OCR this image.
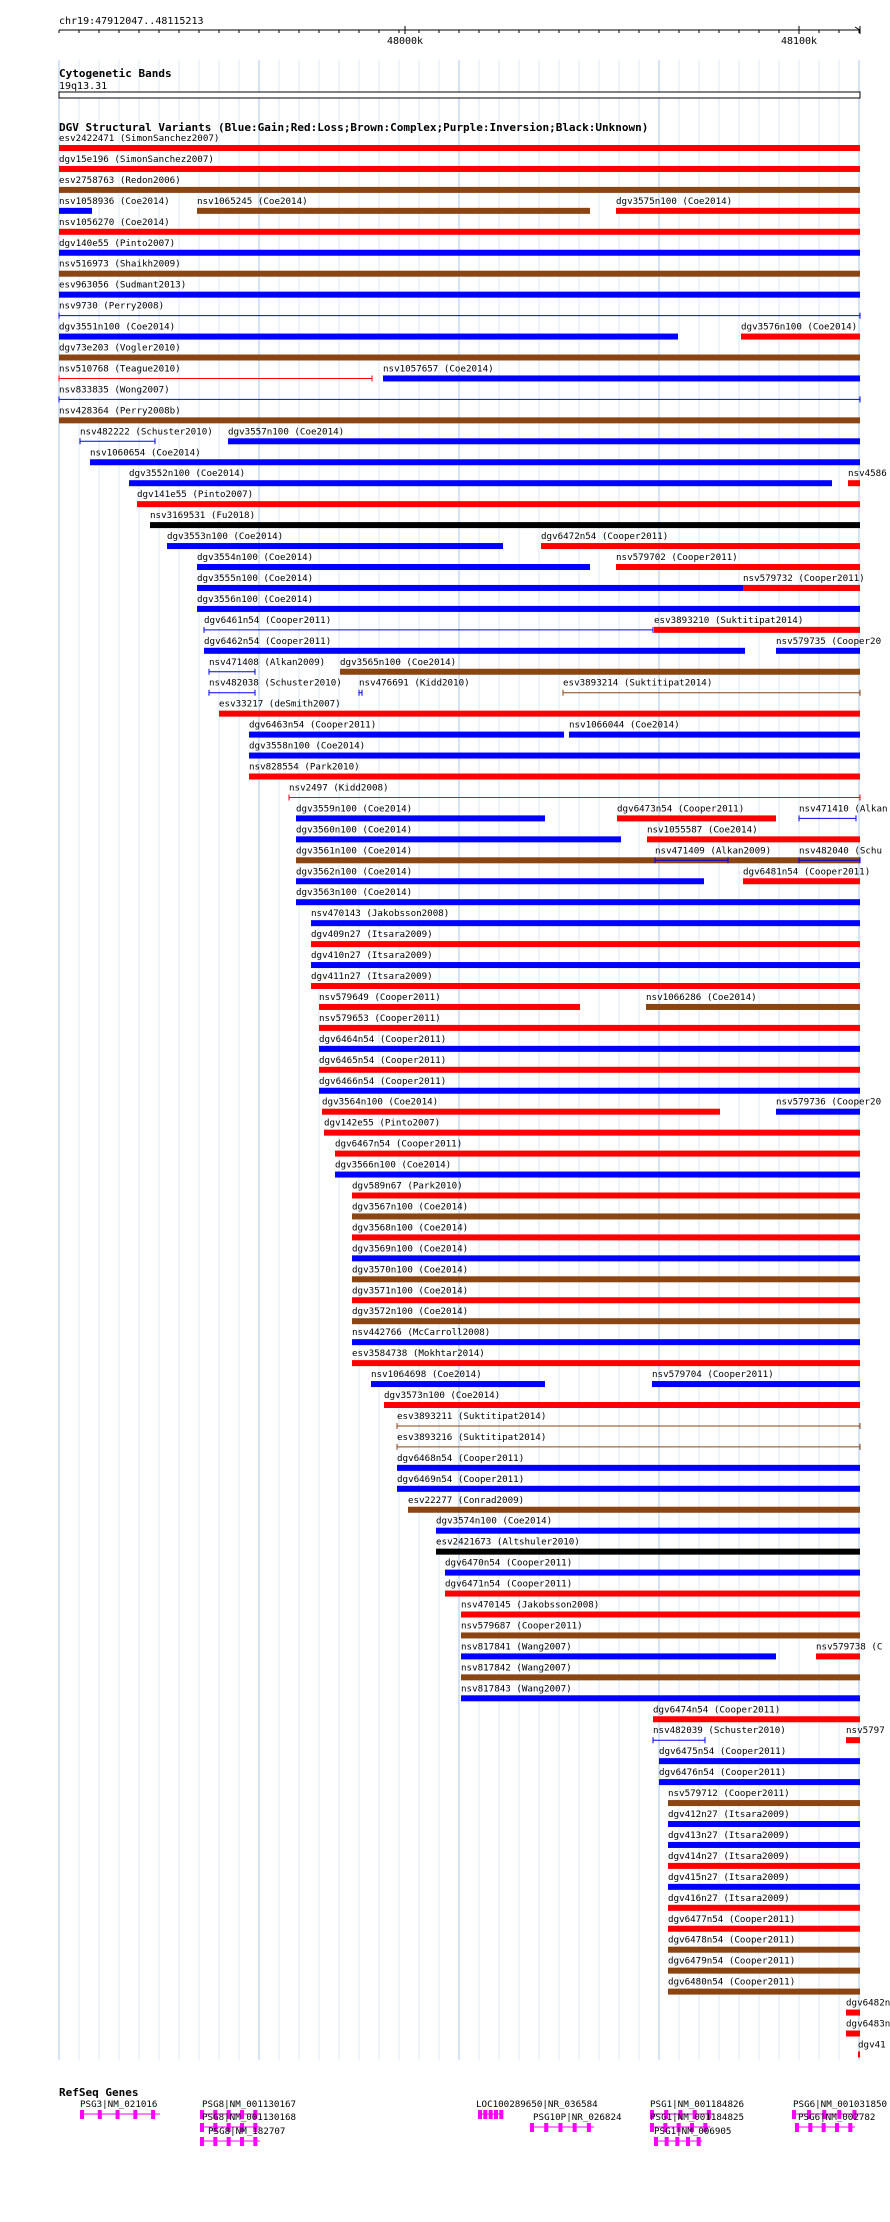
chr19:47912047..48115213
48000k	48100k
Cytogenetic Bands
19q13.31
DGV Structural Variants (Blue:Gain;Red:Loss;Brown:Complex;Purple:Inversion;Black:Unknown)
esv2422471 (SimonSanchez2007)
dgv15e196 (SimonSanchez2007)
esv2758763 (Redon2006)
nsv1058936 (Coe2014)	nsv1065245 (Coe2014)	dgv3575n100 (Coe2014)
nsv1056270 (Coe2014)
dgv140e55 (Pinto2007)
nsv516973 (Shaikh2009)
esv963056 (Sudmant2013)
nsv9730 (Perry2008)
dgv3551n100 (Coe2014)	dgv3576n100 (Coe2014)
dgv73e203 (Vogler2010)
nsv510768 (Teague2010)	nsv1057657 (Coe2014)
nsv833835 (Wong2007)
nsv428364 (Perry2008b)
nsv482222 (Schuster2010) dgv3557n100 (Coe2014)
nsv1060654 (Coe2014)
dgv3552n100 (Coe2014)	nsv4586
dgv141e55 (Pinto2007)
nsv3169531 (Fu2018)
dgv3553n100 (Coe2014)	dgv6472n54 (Cooper2011)
dgv3554n100 (Coe2014)	nsv579702 (Cooper2011)
dgv3555n100 (Coe2014)	nsv579732 (Cooper2011)
dgv3556n100 (Coe2014)
dgv6461n54 (Cooper2011)	esv3893210 (Suktitipat2014)
dgv6462n54 (Cooper2011)	nsv579735 (Cooper20
nsv471408 (Alkan2009) dgv3565n100 (Coe2014)
nsv482038 (Schuster2010) nsv476691 (Kidd2010)	esv3893214 (Suktitipat2014)
esv33217 (deSmith2007)
dgv6463n54 (Cooper2011)	nsv1066044 (Coe2014)
dgv3558n100 (Coe2014)
nsv828554 (Park2010)
nsv2497 (Kidd2008)
dgv3559n100 (Coe2014)	dgv6473n54 (Cooper2011)	nsv471410 (Alkan
dgv3560n100 (Coe2014)	nsv1055587 (Coe2014)
dgv3561n100 (Coe2014)	nsv471409 (Alkan2009)	nsv482040 (Schu
dgv3562n100 (Coe2014)	dgv6481n54 (Cooper2011)
dgv3563n100 (Coe2014)
nsv470143 (Jakobsson2008)
dgv409n27 (Itsara2009)
dgv410n27 (Itsara2009)
dgv411n27 (Itsara2009)
nsv579649 (Cooper2011)	nsv1066286 (Coe2014)
nsv579653 (Cooper2011)
dgv6464n54 (Cooper2011)
dgv6465n54 (Cooper2011)
dgv6466n54 (Cooper2011)
dgv3564n100 (Coe2014)	nsv579736 (Cooper20
dgv142e55 (Pinto2007)
dgv6467n54 (Cooper2011)
dgv3566n100 (Coe2014)
dgv589n67 (Park2010)
dgv3567n100 (Coe2014)
dgv3568n100 (Coe2014)
dgv3569n100 (Coe2014)
dgv3570n100 (Coe2014)
dgv3571n100 (Coe2014)
dgv3572n100 (Coe2014)
nsv442766 (McCarroll2008)
esv3584738 (Mokhtar2014)
nsv1064698 (Coe2014)	nsv579704 (Cooper2011)
dgv3573n100 (Coe2014)
esv3893211 (Suktitipat2014)
esv3893216 (Suktitipat2014)
dgv6468n54 (Cooper2011)
dgv6469n54 (Cooper2011)
esv22277 (Conrad2009)
dgv3574n100 (Coe2014)
esv2421673 (Altshuler2010)
dgv6470n54 (Cooper2011)
dgv6471n54 (Cooper2011)
nsv470145 (Jakobsson2008)
nsv579687 (Cooper2011)
nsv817841 (Wang2007)	nsv579738 (C
nsv817842 (Wang2007)
nsv817843 (Wang2007)
dgv6474n54 (Cooper2011)
nsv482039 (Schuster2010)	nsv5797
dgv6475n54 (Cooper2011)
dgv6476n54 (Cooper2011)
nsv579712 (Cooper2011)
dgv412n27 (Itsara2009)
dgv413n27 (Itsara2009)
dgv414n27 (Itsara2009)
dgv415n27 (Itsara2009)
dgv416n27 (Itsara2009)
dgv6477n54 (Cooper2011)
dgv6478n54 (Cooper2011)
dgv6479n54 (Cooper2011)
dgv6480n54 (Cooper2011)
dgv6482n
dgv6483n
dgv41
RefSeq Genes
PSG3|NM_021016	PSG8|NM_001130167
PSG8|NM_001130168
PSG8|NM_182707
LOC100289650|NR_036584
PSG10P|NR_026824
PSG1|NM_001184826
PSG1|NM_001184825
PSG1|NM_006905
PSG6|NM_001031850
PSG6|NM_002782
